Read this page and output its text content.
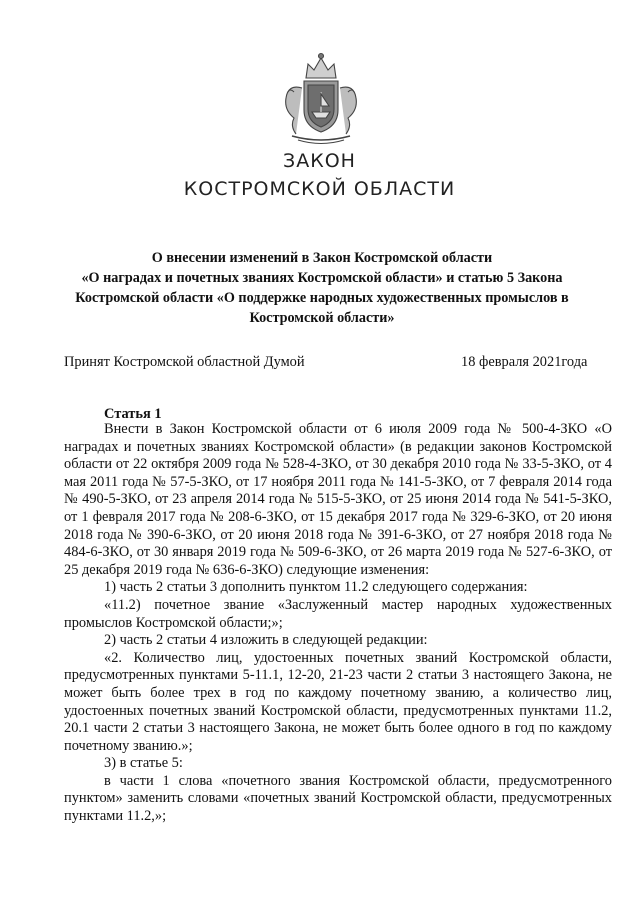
ЗАКОН
КОСТРОМСКОЙ ОБЛАСТИ
О внесении изменений в Закон Костромской области
«О наградах и почетных званиях Костромской области» и статью 5 Закона
Костромской области «О поддержке народных художественных промыслов в
Костромской области»
Принят Костромской областной Думой	18 февраля 2021года
Статья 1

Внести в Закон Костромской области от 6 июля 2009 года № 500-4-ЗКО «О наградах и почетных званиях Костромской области» (в редакции законов Костромской области от 22 октября 2009 года № 528-4-ЗКО, от 30 декабря 2010 года № 33-5-ЗКО, от 4 мая 2011 года № 57-5-ЗКО, от 17 ноября 2011 года № 141-5-ЗКО, от 7 февраля 2014 года № 490-5-ЗКО, от 23 апреля 2014 года № 515-5-ЗКО, от 25 июня 2014 года № 541-5-ЗКО, от 1 февраля 2017 года № 208-6-ЗКО, от 15 декабря 2017 года № 329-6-ЗКО, от 20 июня 2018 года № 390-6-ЗКО, от 20 июня 2018 года № 391-6-ЗКО, от 27 ноября 2018 года № 484-6-ЗКО, от 30 января 2019 года № 509-6-ЗКО, от 26 марта 2019 года № 527-6-ЗКО, от 25 декабря 2019 года № 636-6-ЗКО) следующие изменения:

1) часть 2 статьи 3 дополнить пунктом 11.2 следующего содержания:

«11.2) почетное звание «Заслуженный мастер народных художественных промыслов Костромской области;»;

2) часть 2 статьи 4 изложить в следующей редакции:

«2. Количество лиц, удостоенных почетных званий Костромской области, предусмотренных пунктами 5-11.1, 12-20, 21-23 части 2 статьи 3 настоящего Закона, не может быть более трех в год по каждому почетному званию, а количество лиц, удостоенных почетных званий Костромской области, предусмотренных пунктами 11.2, 20.1 части 2 статьи 3 настоящего Закона, не может быть более одного в год по каждому почетному званию.»;

3) в статье 5:

в части 1 слова «почетного звания Костромской области, предусмотренного пунктом» заменить словами «почетных званий Костромской области, предусмотренных пунктами 11.2,»;
